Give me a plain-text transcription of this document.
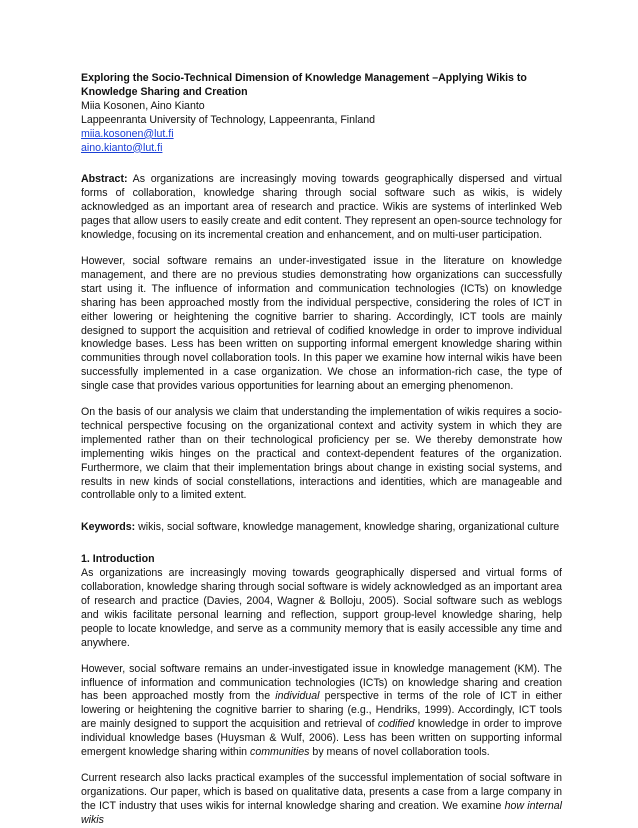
Exploring the Socio-Technical Dimension of Knowledge Management –Applying Wikis to Knowledge Sharing and Creation

Miia Kosonen, Aino Kianto

Lappeenranta University of Technology, Lappeenranta, Finland

miia.kosonen@lut.fi
aino.kianto@lut.fi

Abstract: As organizations are increasingly moving towards geographically dispersed and virtual forms of collaboration, knowledge sharing through social software such as wikis, is widely acknowledged as an important area of research and practice. Wikis are systems of interlinked Web pages that allow users to easily create and edit content. They represent an open-source technology for knowledge, focusing on its incremental creation and enhancement, and on multi-user participation.

However, social software remains an under-investigated issue in the literature on knowledge management, and there are no previous studies demonstrating how organizations can successfully start using it. The influence of information and communication technologies (ICTs) on knowledge sharing has been approached mostly from the individual perspective, considering the roles of ICT in either lowering or heightening the cognitive barrier to sharing. Accordingly, ICT tools are mainly designed to support the acquisition and retrieval of codified knowledge in order to improve individual knowledge bases. Less has been written on supporting informal emergent knowledge sharing within communities through novel collaboration tools. In this paper we examine how internal wikis have been successfully implemented in a case organization. We chose an information-rich case, the type of single case that provides various opportunities for learning about an emerging phenomenon.

On the basis of our analysis we claim that understanding the implementation of wikis requires a socio-technical perspective focusing on the organizational context and activity system in which they are implemented rather than on their technological proficiency per se. We thereby demonstrate how implementing wikis hinges on the practical and context-dependent features of the organization. Furthermore, we claim that their implementation brings about change in existing social systems, and results in new kinds of social constellations, interactions and identities, which are manageable and controllable only to a limited extent.

Keywords: wikis, social software, knowledge management, knowledge sharing, organizational culture

1. Introduction

As organizations are increasingly moving towards geographically dispersed and virtual forms of collaboration, knowledge sharing through social software is widely acknowledged as an important area of research and practice (Davies, 2004, Wagner & Bolloju, 2005). Social software such as weblogs and wikis facilitate personal learning and reflection, support group-level knowledge sharing, help people to locate knowledge, and serve as a community memory that is easily accessible any time and anywhere.

However, social software remains an under-investigated issue in knowledge management (KM). The influence of information and communication technologies (ICTs) on knowledge sharing and creation has been approached mostly from the individual perspective in terms of the role of ICT in either lowering or heightening the cognitive barrier to sharing (e.g., Hendriks, 1999). Accordingly, ICT tools are mainly designed to support the acquisition and retrieval of codified knowledge in order to improve individual knowledge bases (Huysman & Wulf, 2006). Less has been written on supporting informal emergent knowledge sharing within communities by means of novel collaboration tools.

Current research also lacks practical examples of the successful implementation of social software in organizations. Our paper, which is based on qualitative data, presents a case from a large company in the ICT industry that uses wikis for internal knowledge sharing and creation. We examine how internal wikis
